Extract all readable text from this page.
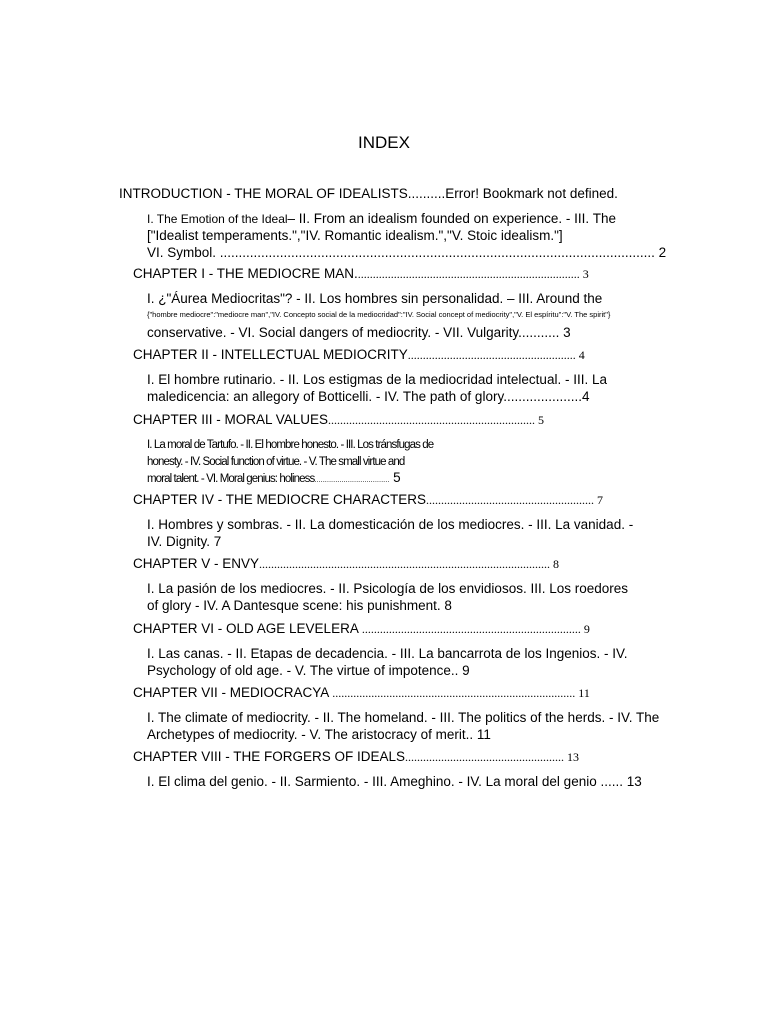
INDEX
INTRODUCTION - THE MORAL OF IDEALISTS..........Error! Bookmark not defined.
I. The Emotion of the Ideal– II. From an idealism founded on experience. - III. The
["Idealist temperaments.","IV. Romantic idealism.","V. Stoic idealism."]
VI. Symbol. .................................................................................................................... 2
CHAPTER I - THE MEDIOCRE MAN........................................................................... 3
I. ¿"Áurea Mediocritas"? - II. Los hombres sin personalidad. – III. Around the
{"hombre mediocre":"mediocre man","IV. Concepto social de la mediocridad":"IV. Social concept of mediocrity","V. El espíritu":"V. The spirit"}
conservative. - VI. Social dangers of mediocrity. - VII. Vulgarity........... 3
CHAPTER II - INTELLECTUAL MEDIOCRITY........................................................ 4
I. El hombre rutinario. - II. Los estigmas de la mediocridad intelectual. - III. La
maledicencia: an allegory of Botticelli. - IV. The path of glory.....................4
CHAPTER III - MORAL VALUES..................................................................... 5
I. La moral de Tartufo. - II. El hombre honesto. - III. Los tránsfugas de
honesty. - IV. Social function of virtue. - V. The small virtue and
moral talent. - VI. Moral genius: holiness.................................... 5
CHAPTER IV - THE MEDIOCRE CHARACTERS........................................................ 7
I. Hombres y sombras. - II. La domesticación de los mediocres. - III. La vanidad. -
IV. Dignity. 7
CHAPTER V - ENVY................................................................................................. 8
I. La pasión de los mediocres. - II. Psicología de los envidiosos. III. Los roedores
of glory - IV. A Dantesque scene: his punishment. 8
CHAPTER VI - OLD AGE LEVELERA ......................................................................... 9
I. Las canas. - II. Etapas de decadencia. - III. La bancarrota de los Ingenios. - IV.
Psychology of old age. - V. The virtue of impotence.. 9
CHAPTER VII - MEDIOCRACYA ................................................................................. 11
I. The climate of mediocrity. - II. The homeland. - III. The politics of the herds. - IV. The
Archetypes of mediocrity. - V. The aristocracy of merit.. 11
CHAPTER VIII - THE FORGERS OF IDEALS..................................................... 13
I. El clima del genio. - II. Sarmiento. - III. Ameghino. - IV. La moral del genio ...... 13
